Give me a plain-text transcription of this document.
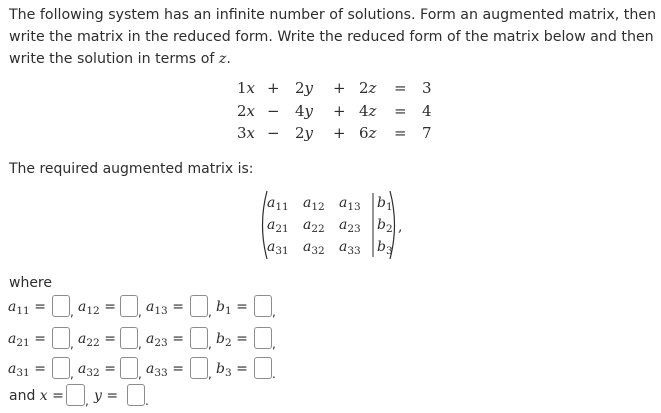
The following system has an infinite number of solutions. Form an augmented matrix, then write the matrix in the reduced form. Write the reduced form of the matrix below and then write the solution in terms of z.

1x + 2y + 2z = 3
2x − 4y + 4z = 4
3x − 2y + 6z = 7
The required augmented matrix is:
$a_{11}$ $a_{12}$ $a_{13}$ $b_1$
$a_{21}$ $a_{22}$ $a_{23}$ $b_2$
$a_{31}$ $a_{32}$ $a_{33}$ $b_3$
,
where
$a_{11}$ = , $a_{12}$ = , $a_{13}$ = , $b_1$ = ,
$a_{21}$ = , $a_{22}$ = , $a_{23}$ = , $b_2$ = ,
$a_{31}$ = , $a_{32}$ = , $a_{33}$ = , $b_3$ = .
and x = , y = .
